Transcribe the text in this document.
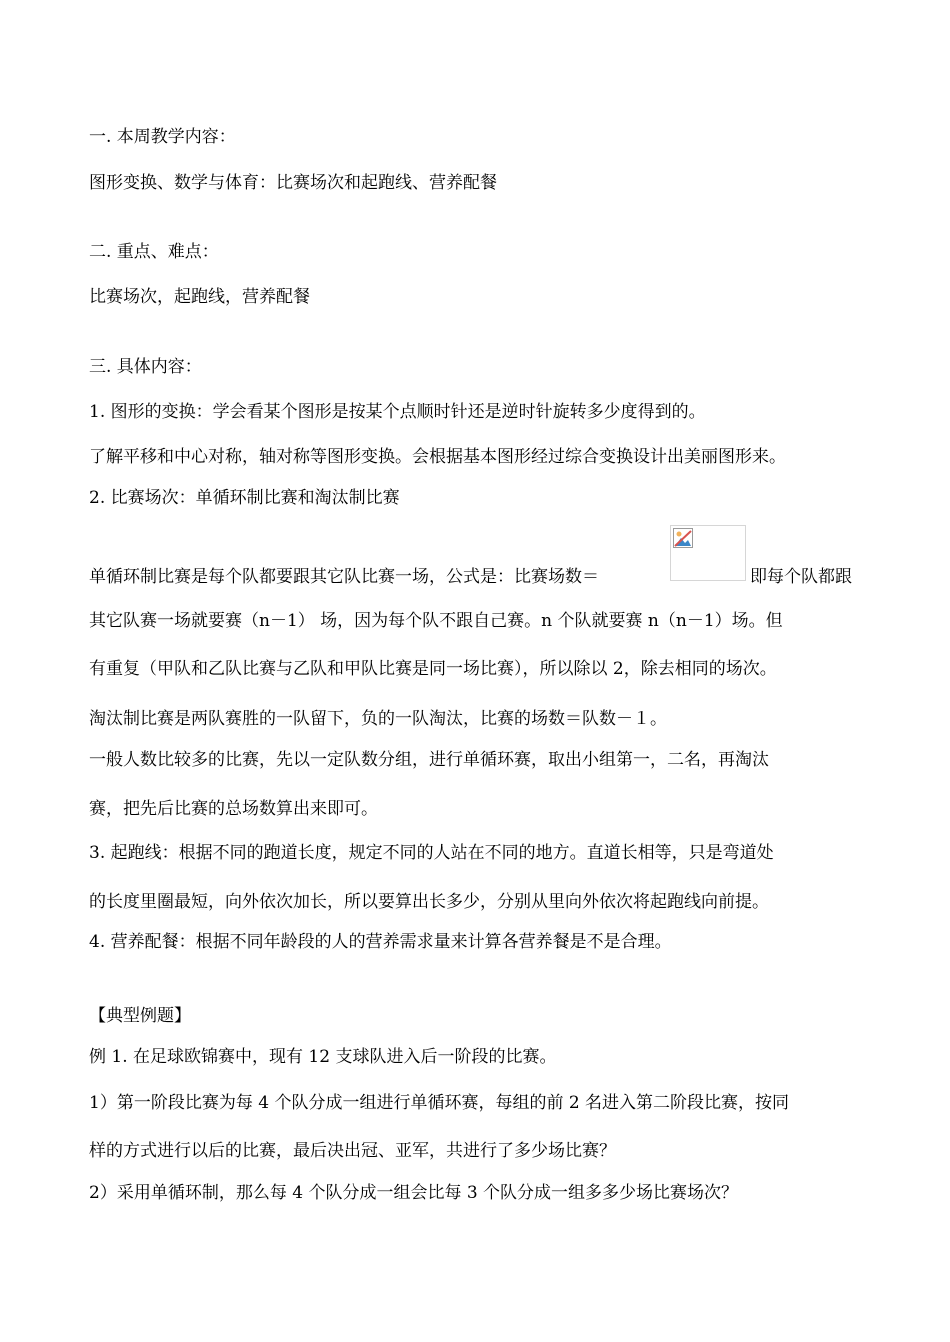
一. 本周教学内容：
图形变换、数学与体育：比赛场次和起跑线、营养配餐
二. 重点、难点：
比赛场次，起跑线，营养配餐
三. 具体内容：
1. 图形的变换：学会看某个图形是按某个点顺时针还是逆时针旋转多少度得到的。
了解平移和中心对称，轴对称等图形变换。会根据基本图形经过综合变换设计出美丽图形来。
2. 比赛场次：单循环制比赛和淘汰制比赛
单循环制比赛是每个队都要跟其它队比赛一场，公式是：比赛场数＝	即每个队都跟
其它队赛一场就要赛（n－1） 场，因为每个队不跟自己赛。n 个队就要赛 n（n－1）场。但
有重复（甲队和乙队比赛与乙队和甲队比赛是同一场比赛），所以除以 2，除去相同的场次。
淘汰制比赛是两队赛胜的一队留下，负的一队淘汰，比赛的场数＝队数－１。
一般人数比较多的比赛，先以一定队数分组，进行单循环赛，取出小组第一，二名，再淘汰
赛，把先后比赛的总场数算出来即可。
3. 起跑线：根据不同的跑道长度，规定不同的人站在不同的地方。直道长相等，只是弯道处
的长度里圈最短，向外依次加长，所以要算出长多少，分别从里向外依次将起跑线向前提。
4. 营养配餐：根据不同年龄段的人的营养需求量来计算各营养餐是不是合理。
【典型例题】
例 1. 在足球欧锦赛中，现有 12 支球队进入后一阶段的比赛。
1）第一阶段比赛为每 4 个队分成一组进行单循环赛，每组的前 2 名进入第二阶段比赛，按同
样的方式进行以后的比赛，最后决出冠、亚军，共进行了多少场比赛？
2）采用单循环制，那么每 4 个队分成一组会比每 3 个队分成一组多多少场比赛场次？
